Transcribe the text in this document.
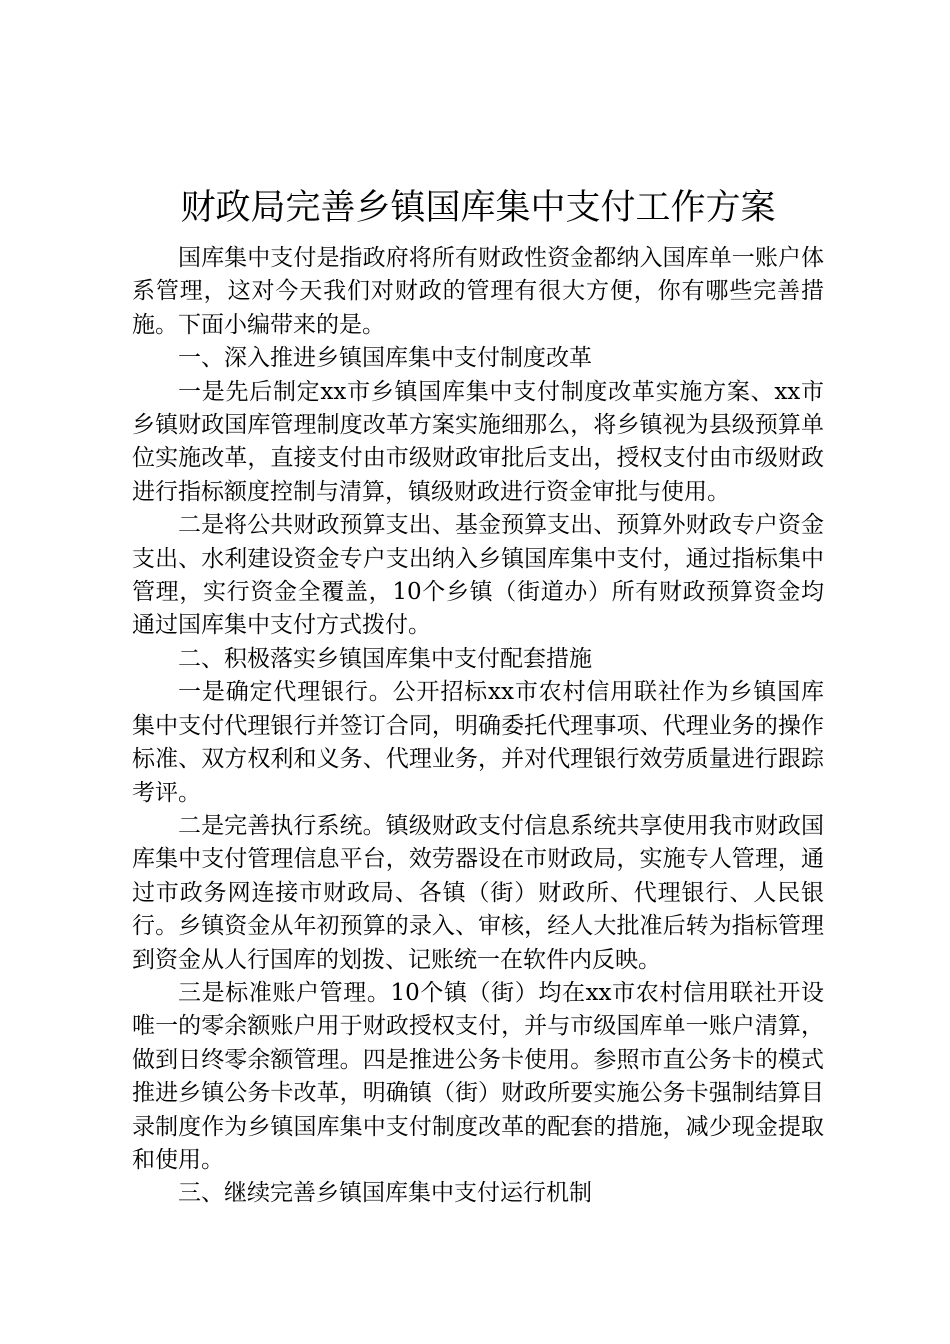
财政局完善乡镇国库集中支付工作方案

国库集中支付是指政府将所有财政性资金都纳入国库单一账户体系管理，这对今天我们对财政的管理有很大方便，你有哪些完善措施。下面小编带来的是。

一、深入推进乡镇国库集中支付制度改革

一是先后制定xx市乡镇国库集中支付制度改革实施方案、xx市乡镇财政国库管理制度改革方案实施细那么，将乡镇视为县级预算单位实施改革，直接支付由市级财政审批后支出，授权支付由市级财政进行指标额度控制与清算，镇级财政进行资金审批与使用。

二是将公共财政预算支出、基金预算支出、预算外财政专户资金支出、水利建设资金专户支出纳入乡镇国库集中支付，通过指标集中管理，实行资金全覆盖，10个乡镇（街道办）所有财政预算资金均通过国库集中支付方式拨付。

二、积极落实乡镇国库集中支付配套措施

一是确定代理银行。公开招标xx市农村信用联社作为乡镇国库集中支付代理银行并签订合同，明确委托代理事项、代理业务的操作标准、双方权利和义务、代理业务，并对代理银行效劳质量进行跟踪考评。

二是完善执行系统。镇级财政支付信息系统共享使用我市财政国库集中支付管理信息平台，效劳器设在市财政局，实施专人管理，通过市政务网连接市财政局、各镇（街）财政所、代理银行、人民银行。乡镇资金从年初预算的录入、审核，经人大批准后转为指标管理到资金从人行国库的划拨、记账统一在软件内反映。

三是标准账户管理。10个镇（街）均在xx市农村信用联社开设唯一的零余额账户用于财政授权支付，并与市级国库单一账户清算，做到日终零余额管理。四是推进公务卡使用。参照市直公务卡的模式推进乡镇公务卡改革，明确镇（街）财政所要实施公务卡强制结算目录制度作为乡镇国库集中支付制度改革的配套的措施，减少现金提取和使用。

三、继续完善乡镇国库集中支付运行机制
